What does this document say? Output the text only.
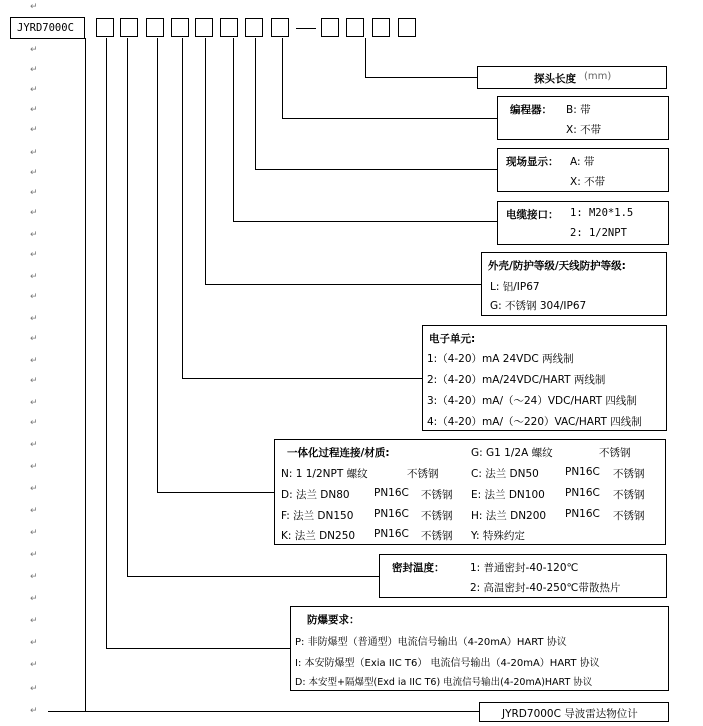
↵
↵
↵
↵
↵
↵
↵
↵
↵
↵
↵
↵
↵
↵
↵
↵
↵
↵
↵
↵
↵
↵
↵
↵
↵
↵
↵
↵
↵
↵
↵
↵
↵
JYRD7000C
探头长度 (mm)
编程器： B: 带
X: 不带
现场显示： A: 带
X: 不带
电缆接口： 1: M20*1.5
2: 1/2NPT
外壳/防护等级/天线防护等级:
L: 铝/IP67
G: 不锈钢 304/IP67
电子单元:
1:（4-20）mA 24VDC 两线制
2:（4-20）mA/24VDC/HART 两线制
3:（4-20）mA/（～24）VDC/HART 四线制
4:（4-20）mA/（～220）VAC/HART 四线制
一体化过程连接/材质:	G: G1 1/2A 螺纹	不锈钢
N: 1 1/2NPT 螺纹	不锈钢	C: 法兰 DN50 PN16C 不锈钢
D: 法兰 DN80 PN16C 不锈钢 E: 法兰 DN100 PN16C 不锈钢
F: 法兰 DN150 PN16C 不锈钢 H: 法兰 DN200 PN16C 不锈钢
K: 法兰 DN250 PN16C 不锈钢 Y: 特殊约定
密封温度： 1: 普通密封-40-120℃
2: 高温密封-40-250℃带散热片
防爆要求：
P: 非防爆型（普通型）电流信号输出（4-20mA）HART 协议
I: 本安防爆型（Exia IIC T6） 电流信号输出（4-20mA）HART 协议
D: 本安型+隔爆型(Exd ia IIC T6) 电流信号输出(4-20mA)HART 协议
JYRD7000C 导波雷达物位计
